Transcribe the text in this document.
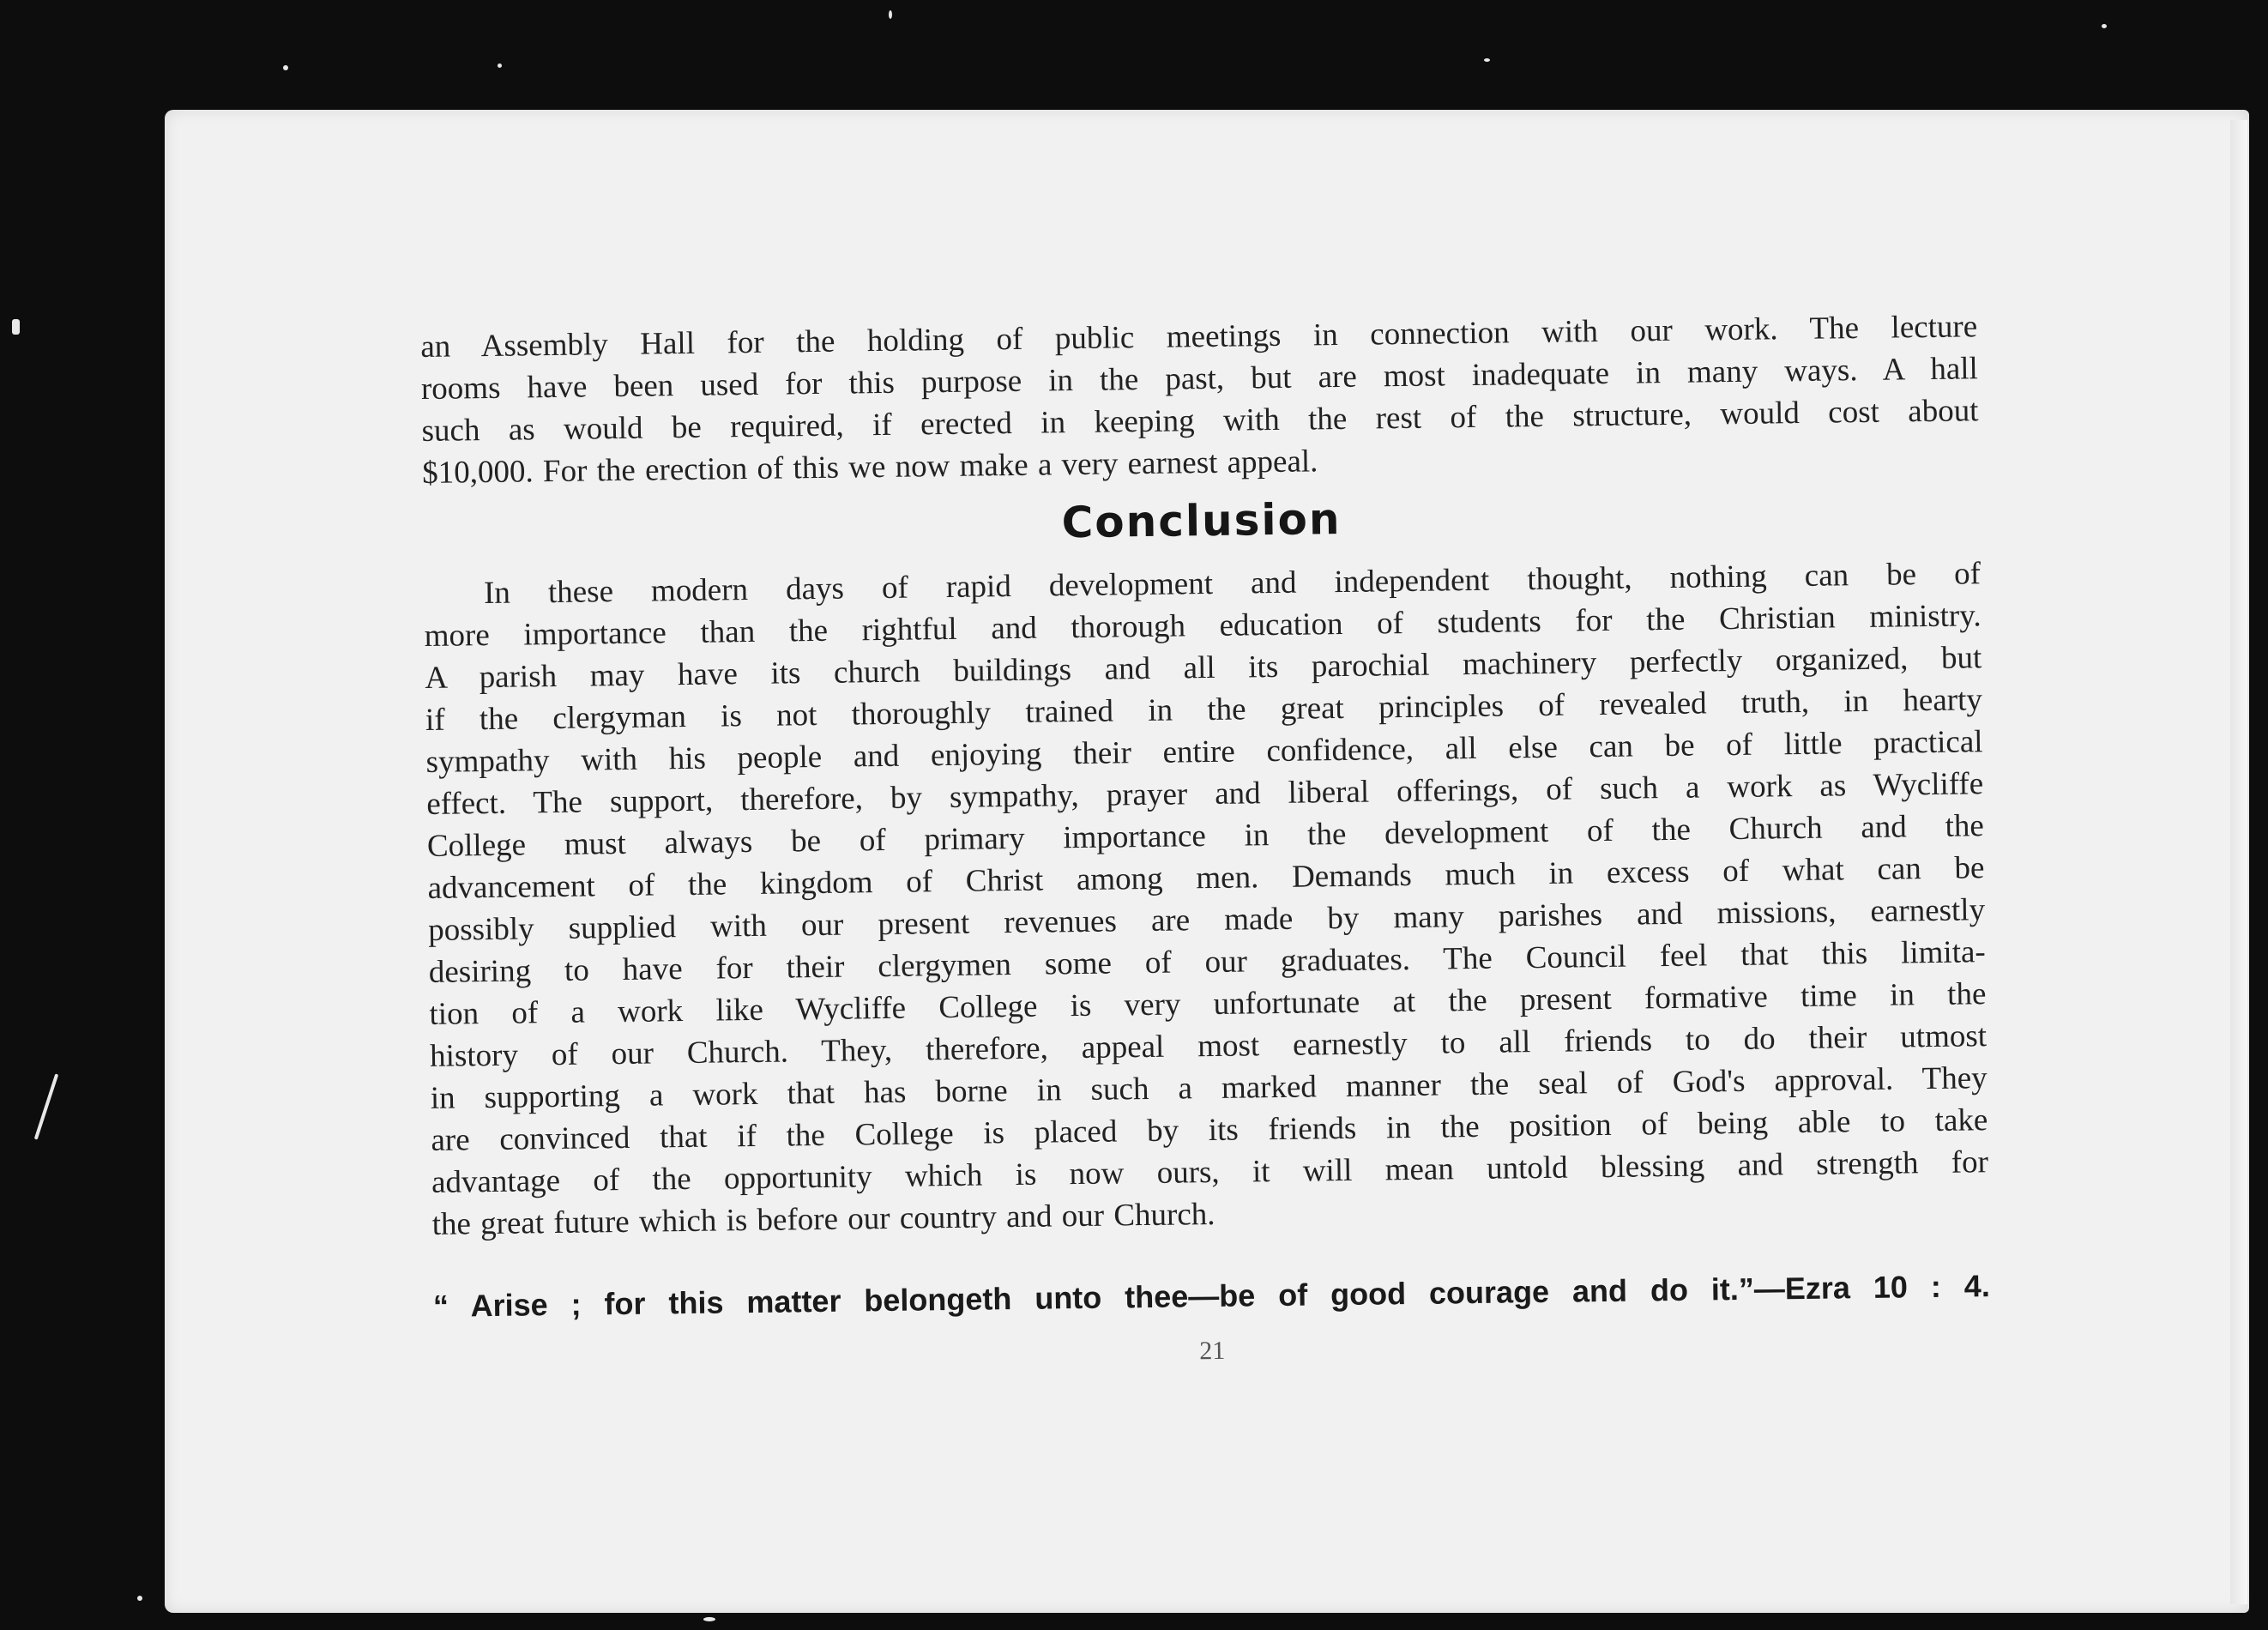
an Assembly Hall for the holding of public meetings in connection with our work. The lecture
rooms have been used for this purpose in the past, but are most inadequate in many ways. A hall
such as would be required, if erected in keeping with the rest of the structure, would cost about
$10,000. For the erection of this we now make a very earnest appeal.

Conclusion

In these modern days of rapid development and independent thought, nothing can be of
more importance than the rightful and thorough education of students for the Christian ministry.
A parish may have its church buildings and all its parochial machinery perfectly organized, but
if the clergyman is not thoroughly trained in the great principles of revealed truth, in hearty
sympathy with his people and enjoying their entire confidence, all else can be of little practical
effect. The support, therefore, by sympathy, prayer and liberal offerings, of such a work as Wycliffe
College must always be of primary importance in the development of the Church and the
advancement of the kingdom of Christ among men. Demands much in excess of what can be
possibly supplied with our present revenues are made by many parishes and missions, earnestly
desiring to have for their clergymen some of our graduates. The Council feel that this limita-
tion of a work like Wycliffe College is very unfortunate at the present formative time in the
history of our Church. They, therefore, appeal most earnestly to all friends to do their utmost
in supporting a work that has borne in such a marked manner the seal of God's approval. They
are convinced that if the College is placed by its friends in the position of being able to take
advantage of the opportunity which is now ours, it will mean untold blessing and strength for
the great future which is before our country and our Church.

“ Arise ; for this matter belongeth unto thee—be of good courage and do it.”—Ezra 10 : 4.
21
